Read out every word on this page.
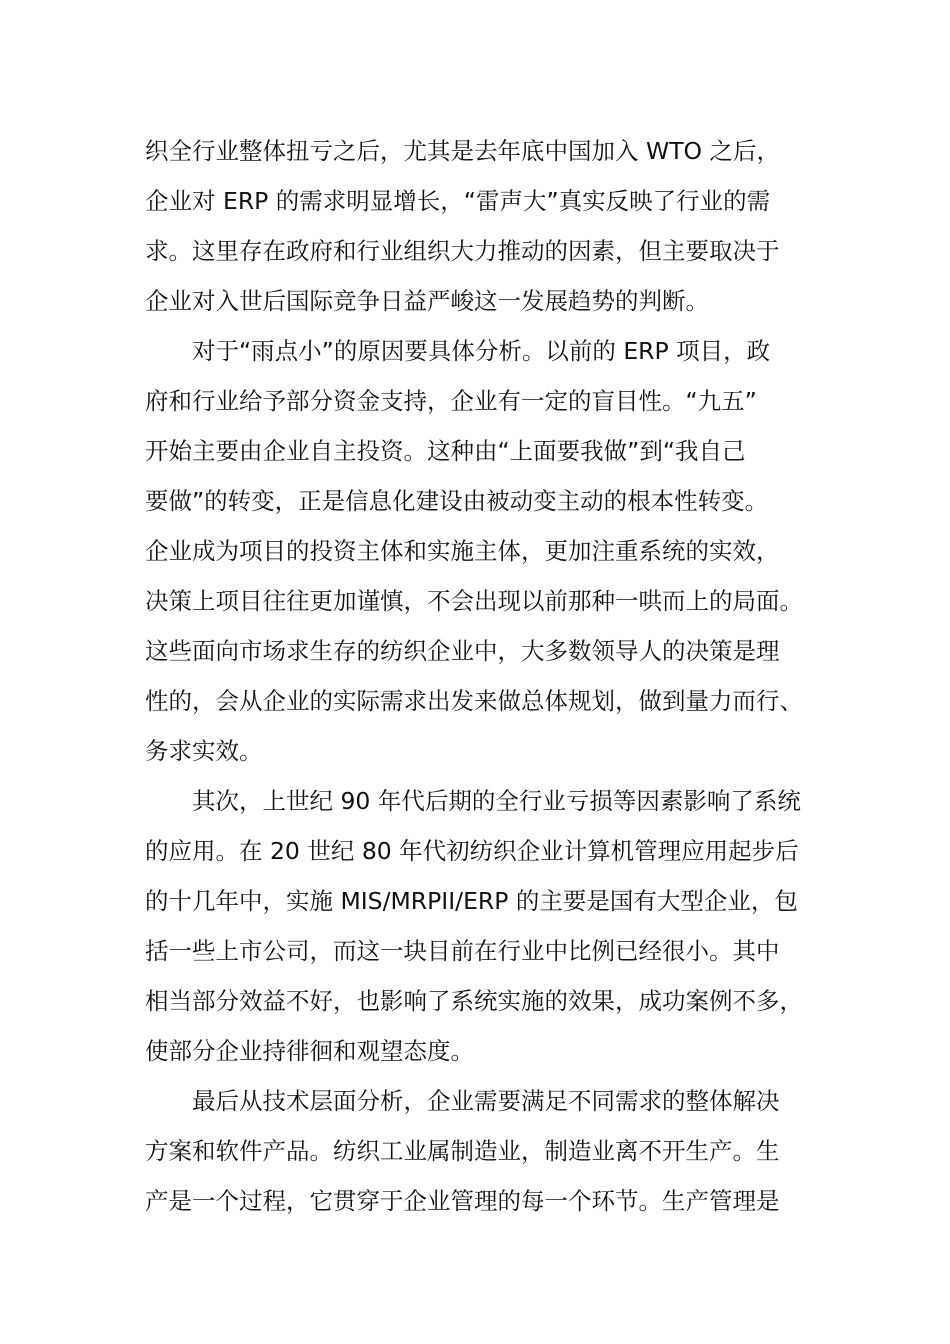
织全行业整体扭亏之后，尤其是去年底中国加入 WTO 之后，
企业对 ERP 的需求明显增长，“雷声大”真实反映了行业的需
求。这里存在政府和行业组织大力推动的因素，但主要取决于
企业对入世后国际竞争日益严峻这一发展趋势的判断。
对于“雨点小”的原因要具体分析。以前的 ERP 项目，政
府和行业给予部分资金支持，企业有一定的盲目性。“九五”
开始主要由企业自主投资。这种由“上面要我做”到“我自己
要做”的转变，正是信息化建设由被动变主动的根本性转变。
企业成为项目的投资主体和实施主体，更加注重系统的实效，
决策上项目往往更加谨慎，不会出现以前那种一哄而上的局面。
这些面向市场求生存的纺织企业中，大多数领导人的决策是理
性的，会从企业的实际需求出发来做总体规划，做到量力而行、
务求实效。
其次，上世纪 90 年代后期的全行业亏损等因素影响了系统
的应用。在 20 世纪 80 年代初纺织企业计算机管理应用起步后
的十几年中，实施 MIS/MRPII/ERP 的主要是国有大型企业，包
括一些上市公司，而这一块目前在行业中比例已经很小。其中
相当部分效益不好，也影响了系统实施的效果，成功案例不多，
使部分企业持徘徊和观望态度。
最后从技术层面分析，企业需要满足不同需求的整体解决
方案和软件产品。纺织工业属制造业，制造业离不开生产。生
产是一个过程，它贯穿于企业管理的每一个环节。生产管理是
